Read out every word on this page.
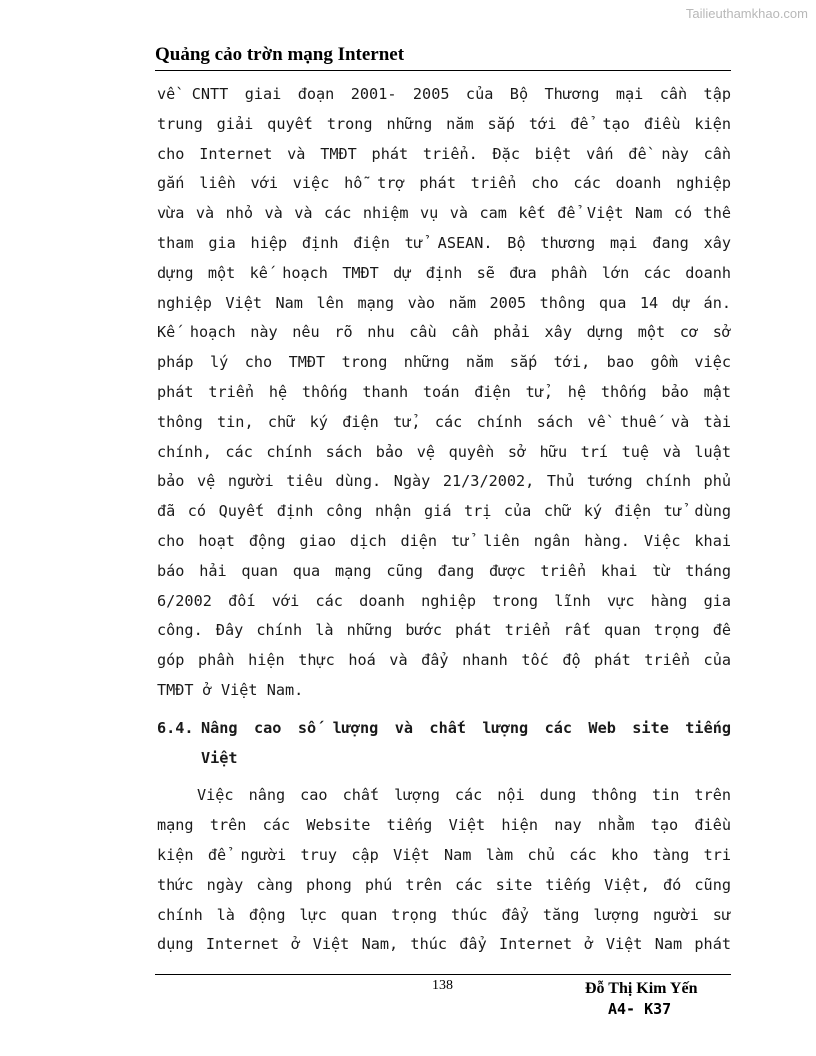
Tailieuthamkhao.com
Quảng cảo trờn mạng Internet
về CNTT giai đoạn 2001- 2005 của Bộ Thương mại cần tập
trung giải quyết trong những năm sắp tới để tạo điều kiện
cho Internet và TMĐT phát triển. Đặc biệt vấn đề này cần
gắn liền với việc hỗ trợ phát triển cho các doanh nghiệp
vừa và nhỏ và và các nhiệm vụ và cam kết để Việt Nam có thể
tham gia hiệp định điện tử ASEAN. Bộ thương mại đang xây
dựng một kế hoạch TMĐT dự định sẽ đưa phần lớn các doanh
nghiệp Việt Nam lên mạng vào năm 2005 thông qua 14 dự án.
Kế hoạch này nêu rõ nhu cầu cần phải xây dựng một cơ sở
pháp lý cho TMĐT trong những năm sắp tới, bao gồm việc
phát triển hệ thống thanh toán điện tử, hệ thống bảo mật
thông tin, chữ ký điện tử, các chính sách về thuế và tài
chính, các chính sách bảo vệ quyền sở hữu trí tuệ và luật
bảo vệ người tiêu dùng. Ngày 21/3/2002, Thủ tướng chính phủ
đã có Quyết định công nhận giá trị của chữ ký điện tử dùng
cho hoạt động giao dịch diện tử liên ngân hàng. Việc khai
báo hải quan qua mạng cũng đang được triển khai từ tháng
6/2002 đối với các doanh nghiệp trong lĩnh vực hàng gia
công. Đây chính là những bước phát triển rất quan trọng để
góp phần hiện thực hoá và đẩy nhanh tốc độ phát triển của
TMĐT ở Việt Nam.
6.4. Nâng cao số lượng và chất lượng các Web site tiếng
Việt
Việc nâng cao chất lượng các nội dung thông tin trên
mạng trên các Website tiếng Việt hiện nay nhằm tạo điều
kiện để người truy cập Việt Nam làm chủ các kho tàng tri
thức ngày càng phong phú trên các site tiếng Việt, đó cũng
chính là động lực quan trọng thúc đẩy tăng lượng người sử
dụng Internet ở Việt Nam, thúc đẩy Internet ở Việt Nam phát
138	Đỗ Thị Kim Yến
A4- K37
